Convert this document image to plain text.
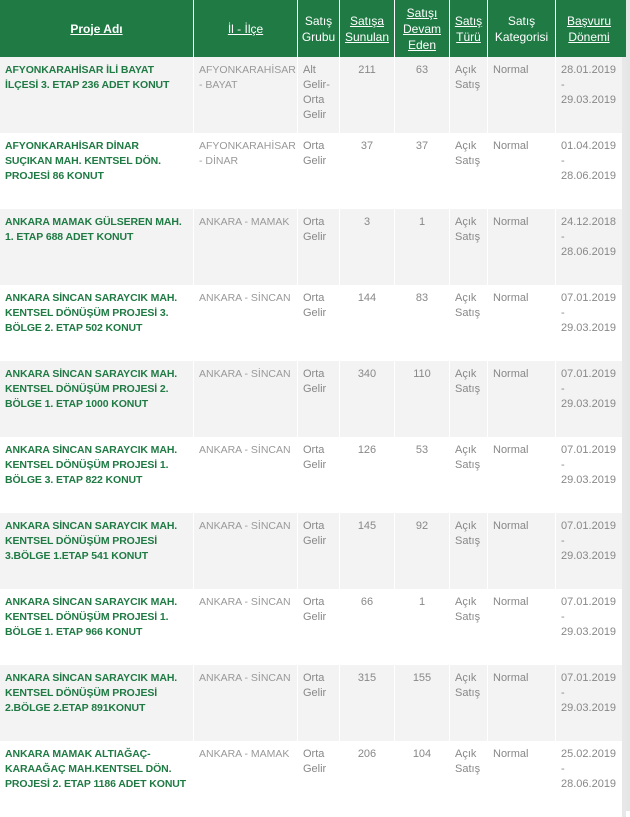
Proje Adı	İl - İlçe	Satış Grubu	Satışa Sunulan	Satışı Devam Eden	Satış Türü	Satış Kategorisi	Başvuru Dönemi
AFYONKARAHİSAR İLİ BAYAT İLÇESİ 3. ETAP 236 ADET KONUT	AFYONKARAHİSAR - BAYAT	Alt Gelir-Orta Gelir	211	63	Açık Satış	Normal	28.01.2019 - 29.03.2019
AFYONKARAHİSAR DİNAR SUÇIKAN MAH. KENTSEL DÖN. PROJESİ 86 KONUT	AFYONKARAHİSAR - DİNAR	Orta Gelir	37	37	Açık Satış	Normal	01.04.2019 - 28.06.2019
ANKARA MAMAK GÜLSEREN MAH. 1. ETAP 688 ADET KONUT	ANKARA - MAMAK	Orta Gelir	3	1	Açık Satış	Normal	24.12.2018 - 28.06.2019
ANKARA SİNCAN SARAYCIK MAH. KENTSEL DÖNÜŞÜM PROJESİ 3. BÖLGE 2. ETAP 502 KONUT	ANKARA - SİNCAN	Orta Gelir	144	83	Açık Satış	Normal	07.01.2019 - 29.03.2019
ANKARA SİNCAN SARAYCIK MAH. KENTSEL DÖNÜŞÜM PROJESİ 2. BÖLGE 1. ETAP 1000 KONUT	ANKARA - SİNCAN	Orta Gelir	340	110	Açık Satış	Normal	07.01.2019 - 29.03.2019
ANKARA SİNCAN SARAYCIK MAH. KENTSEL DÖNÜŞÜM PROJESİ 1. BÖLGE 3. ETAP 822 KONUT	ANKARA - SİNCAN	Orta Gelir	126	53	Açık Satış	Normal	07.01.2019 - 29.03.2019
ANKARA SİNCAN SARAYCIK MAH. KENTSEL DÖNÜŞÜM PROJESİ 3.BÖLGE 1.ETAP 541 KONUT	ANKARA - SİNCAN	Orta Gelir	145	92	Açık Satış	Normal	07.01.2019 - 29.03.2019
ANKARA SİNCAN SARAYCIK MAH. KENTSEL DÖNÜŞÜM PROJESİ 1. BÖLGE 1. ETAP 966 KONUT	ANKARA - SİNCAN	Orta Gelir	66	1	Açık Satış	Normal	07.01.2019 - 29.03.2019
ANKARA SİNCAN SARAYCIK MAH. KENTSEL DÖNÜŞÜM PROJESİ 2.BÖLGE 2.ETAP 891KONUT	ANKARA - SİNCAN	Orta Gelir	315	155	Açık Satış	Normal	07.01.2019 - 29.03.2019
ANKARA MAMAK ALTIAĞAÇ-KARAAĞAÇ MAH.KENTSEL DÖN. PROJESİ 2. ETAP 1186 ADET KONUT	ANKARA - MAMAK	Orta Gelir	206	104	Açık Satış	Normal	25.02.2019 - 28.06.2019
